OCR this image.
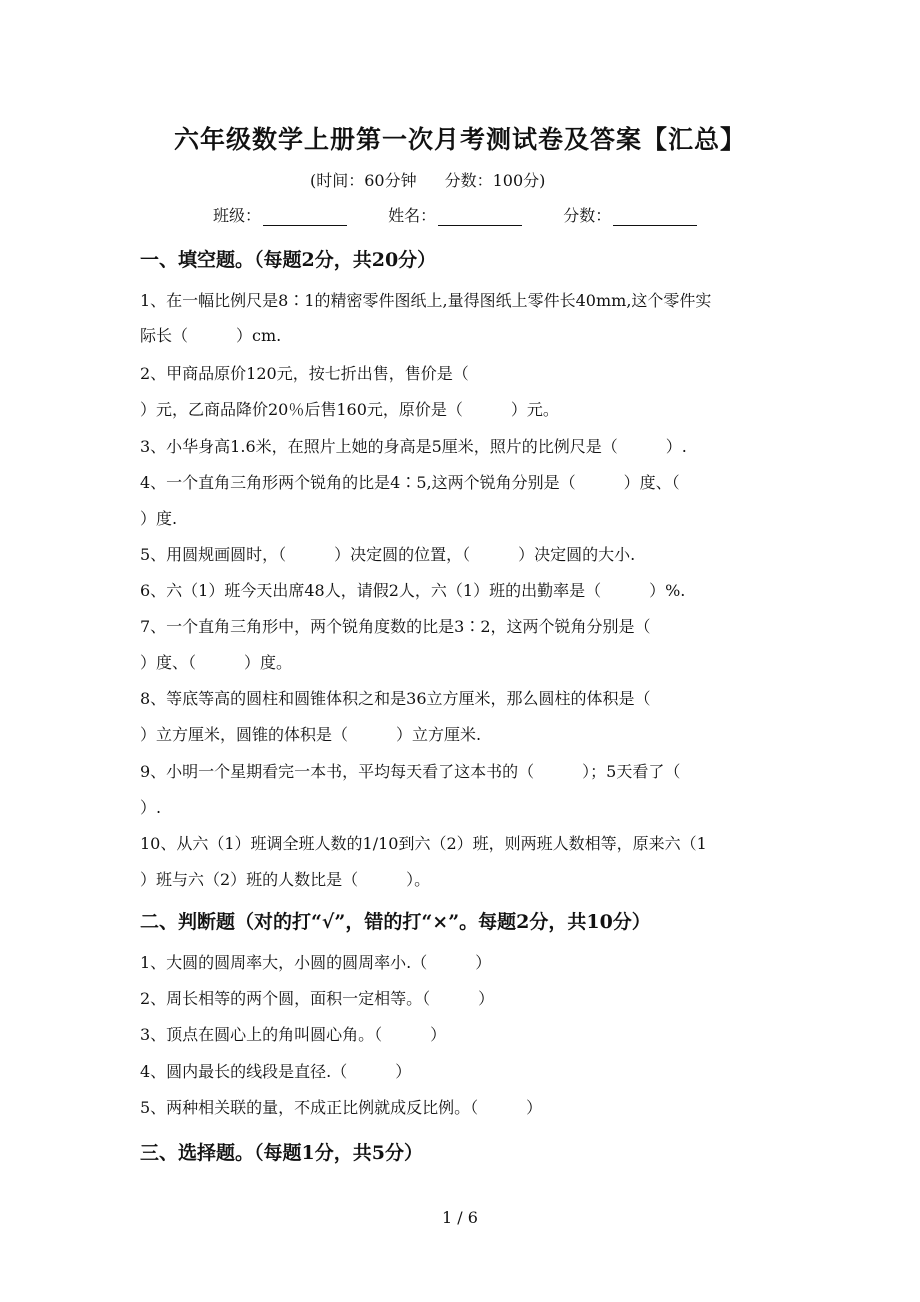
六年级数学上册第一次月考测试卷及答案【汇总】
(时间：60分钟 分数：100分)
班级：	姓名：	分数：
一、填空题。（每题2分，共20分）
1、在一幅比例尺是8∶1的精密零件图纸上,量得图纸上零件长40mm,这个零件实
际长（　　　）cm.
2、甲商品原价120元，按七折出售，售价是（
）元，乙商品降价20％后售160元，原价是（　　　）元。
3、小华身高1.6米，在照片上她的身高是5厘米，照片的比例尺是（　　　）.
4、一个直角三角形两个锐角的比是4∶5,这两个锐角分别是（　　　）度、（
）度.
5、用圆规画圆时，（　　　）决定圆的位置，（　　　）决定圆的大小.
6、六（1）班今天出席48人，请假2人，六（1）班的出勤率是（　　　）%.
7、一个直角三角形中，两个锐角度数的比是3∶2，这两个锐角分别是（
）度、（　　　）度。
8、等底等高的圆柱和圆锥体积之和是36立方厘米，那么圆柱的体积是（
）立方厘米，圆锥的体积是（　　　）立方厘米.
9、小明一个星期看完一本书，平均每天看了这本书的（　　　）；5天看了（
）.
10、从六（1）班调全班人数的1/10到六（2）班，则两班人数相等，原来六（1
）班与六（2）班的人数比是（　　　）。
二、判断题（对的打“√”，错的打“×”。每题2分，共10分）
1、大圆的圆周率大，小圆的圆周率小.（　　　）
2、周长相等的两个圆，面积一定相等。（　　　）
3、顶点在圆心上的角叫圆心角。（　　　）
4、圆内最长的线段是直径.（　　　）
5、两种相关联的量，不成正比例就成反比例。（　　　）
三、选择题。（每题1分，共5分）
1 / 6
